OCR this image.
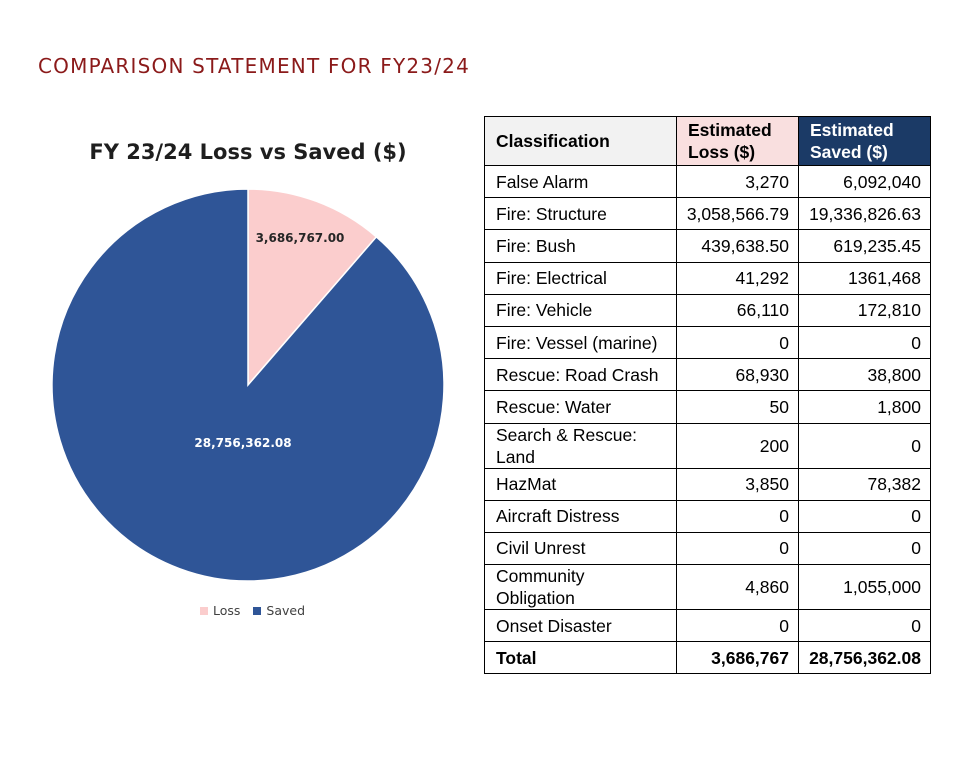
COMPARISON STATEMENT FOR FY23/24
FY 23/24 Loss vs Saved ($)
3,686,767.00
28,756,362.08
Loss Saved
Classification	Estimated Loss ($)	Estimated Saved ($)
False Alarm	3,270	6,092,040
Fire: Structure	3,058,566.79	19,336,826.63
Fire: Bush	439,638.50	619,235.45
Fire: Electrical	41,292	1361,468
Fire: Vehicle	66,110	172,810
Fire: Vessel (marine)	0	0
Rescue: Road Crash	68,930	38,800
Rescue: Water	50	1,800
Search & Rescue: Land	200	0
HazMat	3,850	78,382
Aircraft Distress	0	0
Civil Unrest	0	0
Community Obligation	4,860	1,055,000
Onset Disaster	0	0
Total	3,686,767	28,756,362.08
